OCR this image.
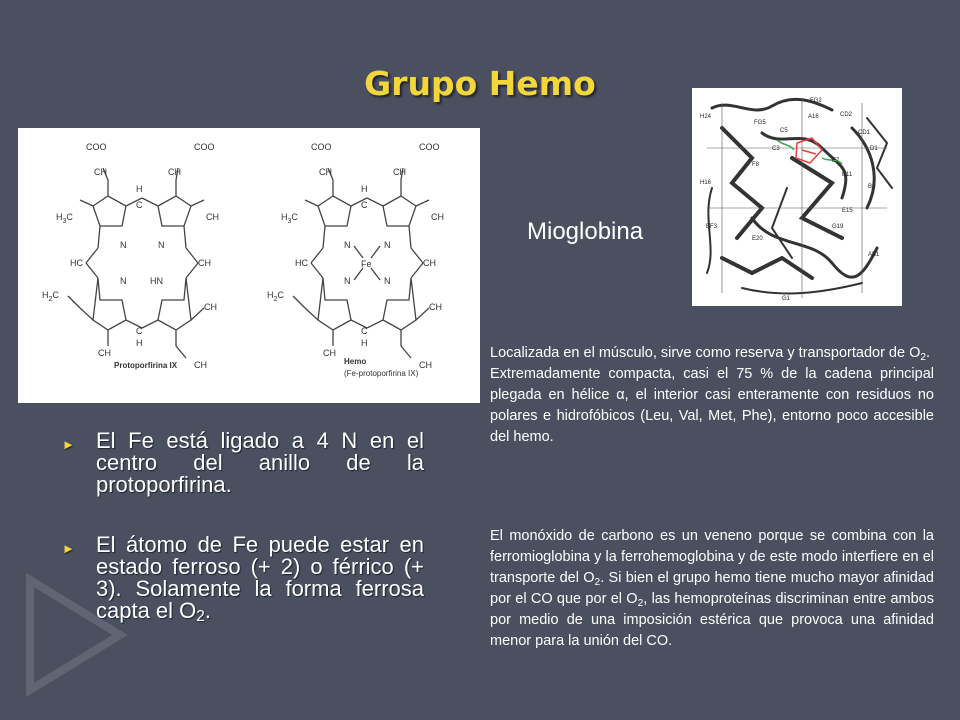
Grupo Hemo
COO	COO
CH	CH
$H_3C$	CH
H
C
N	N
HC	CH
N	HN
$H_2C$
CH
C
H
CH
CH
Protoporfirina IX
COO	COO
CH	CH
$H_3C$	CH
H
C
N	N
Fe
HC	CH
N	N
$H_2C$
CH
C
H
CH
CH
Hemo
(Fe-protoporfirina IX)
Mioglobina
H24
FG2
CD2
C5
FG5
CD1
C3	D1
F8
E7
E11
H16
EF3
E20
G19
E15
AB1
G1
B5
A16
► El Fe está ligado a 4 N en el centro del anillo de la protoporfirina.
► El átomo de Fe puede estar en estado ferroso (+ 2) o férrico (+ 3). Solamente la forma ferrosa capta el $O_2$.

Localizada en el músculo, sirve como reserva y transportador de $O_2$.

Extremadamente compacta, casi el 75 % de la cadena principal plegada en hélice α, el interior casi enteramente con residuos no polares e hidrofóbicos (Leu, Val, Met, Phe), entorno poco accesible del hemo.

El monóxido de carbono es un veneno porque se combina con la ferromioglobina y la ferrohemoglobina y de este modo interfiere en el transporte del $O_2$. Si bien el grupo hemo tiene mucho mayor afinidad por el CO que por el $O_2$, las hemoproteínas discriminan entre ambos por medio de una imposición estérica que provoca una afinidad menor para la unión del CO.
